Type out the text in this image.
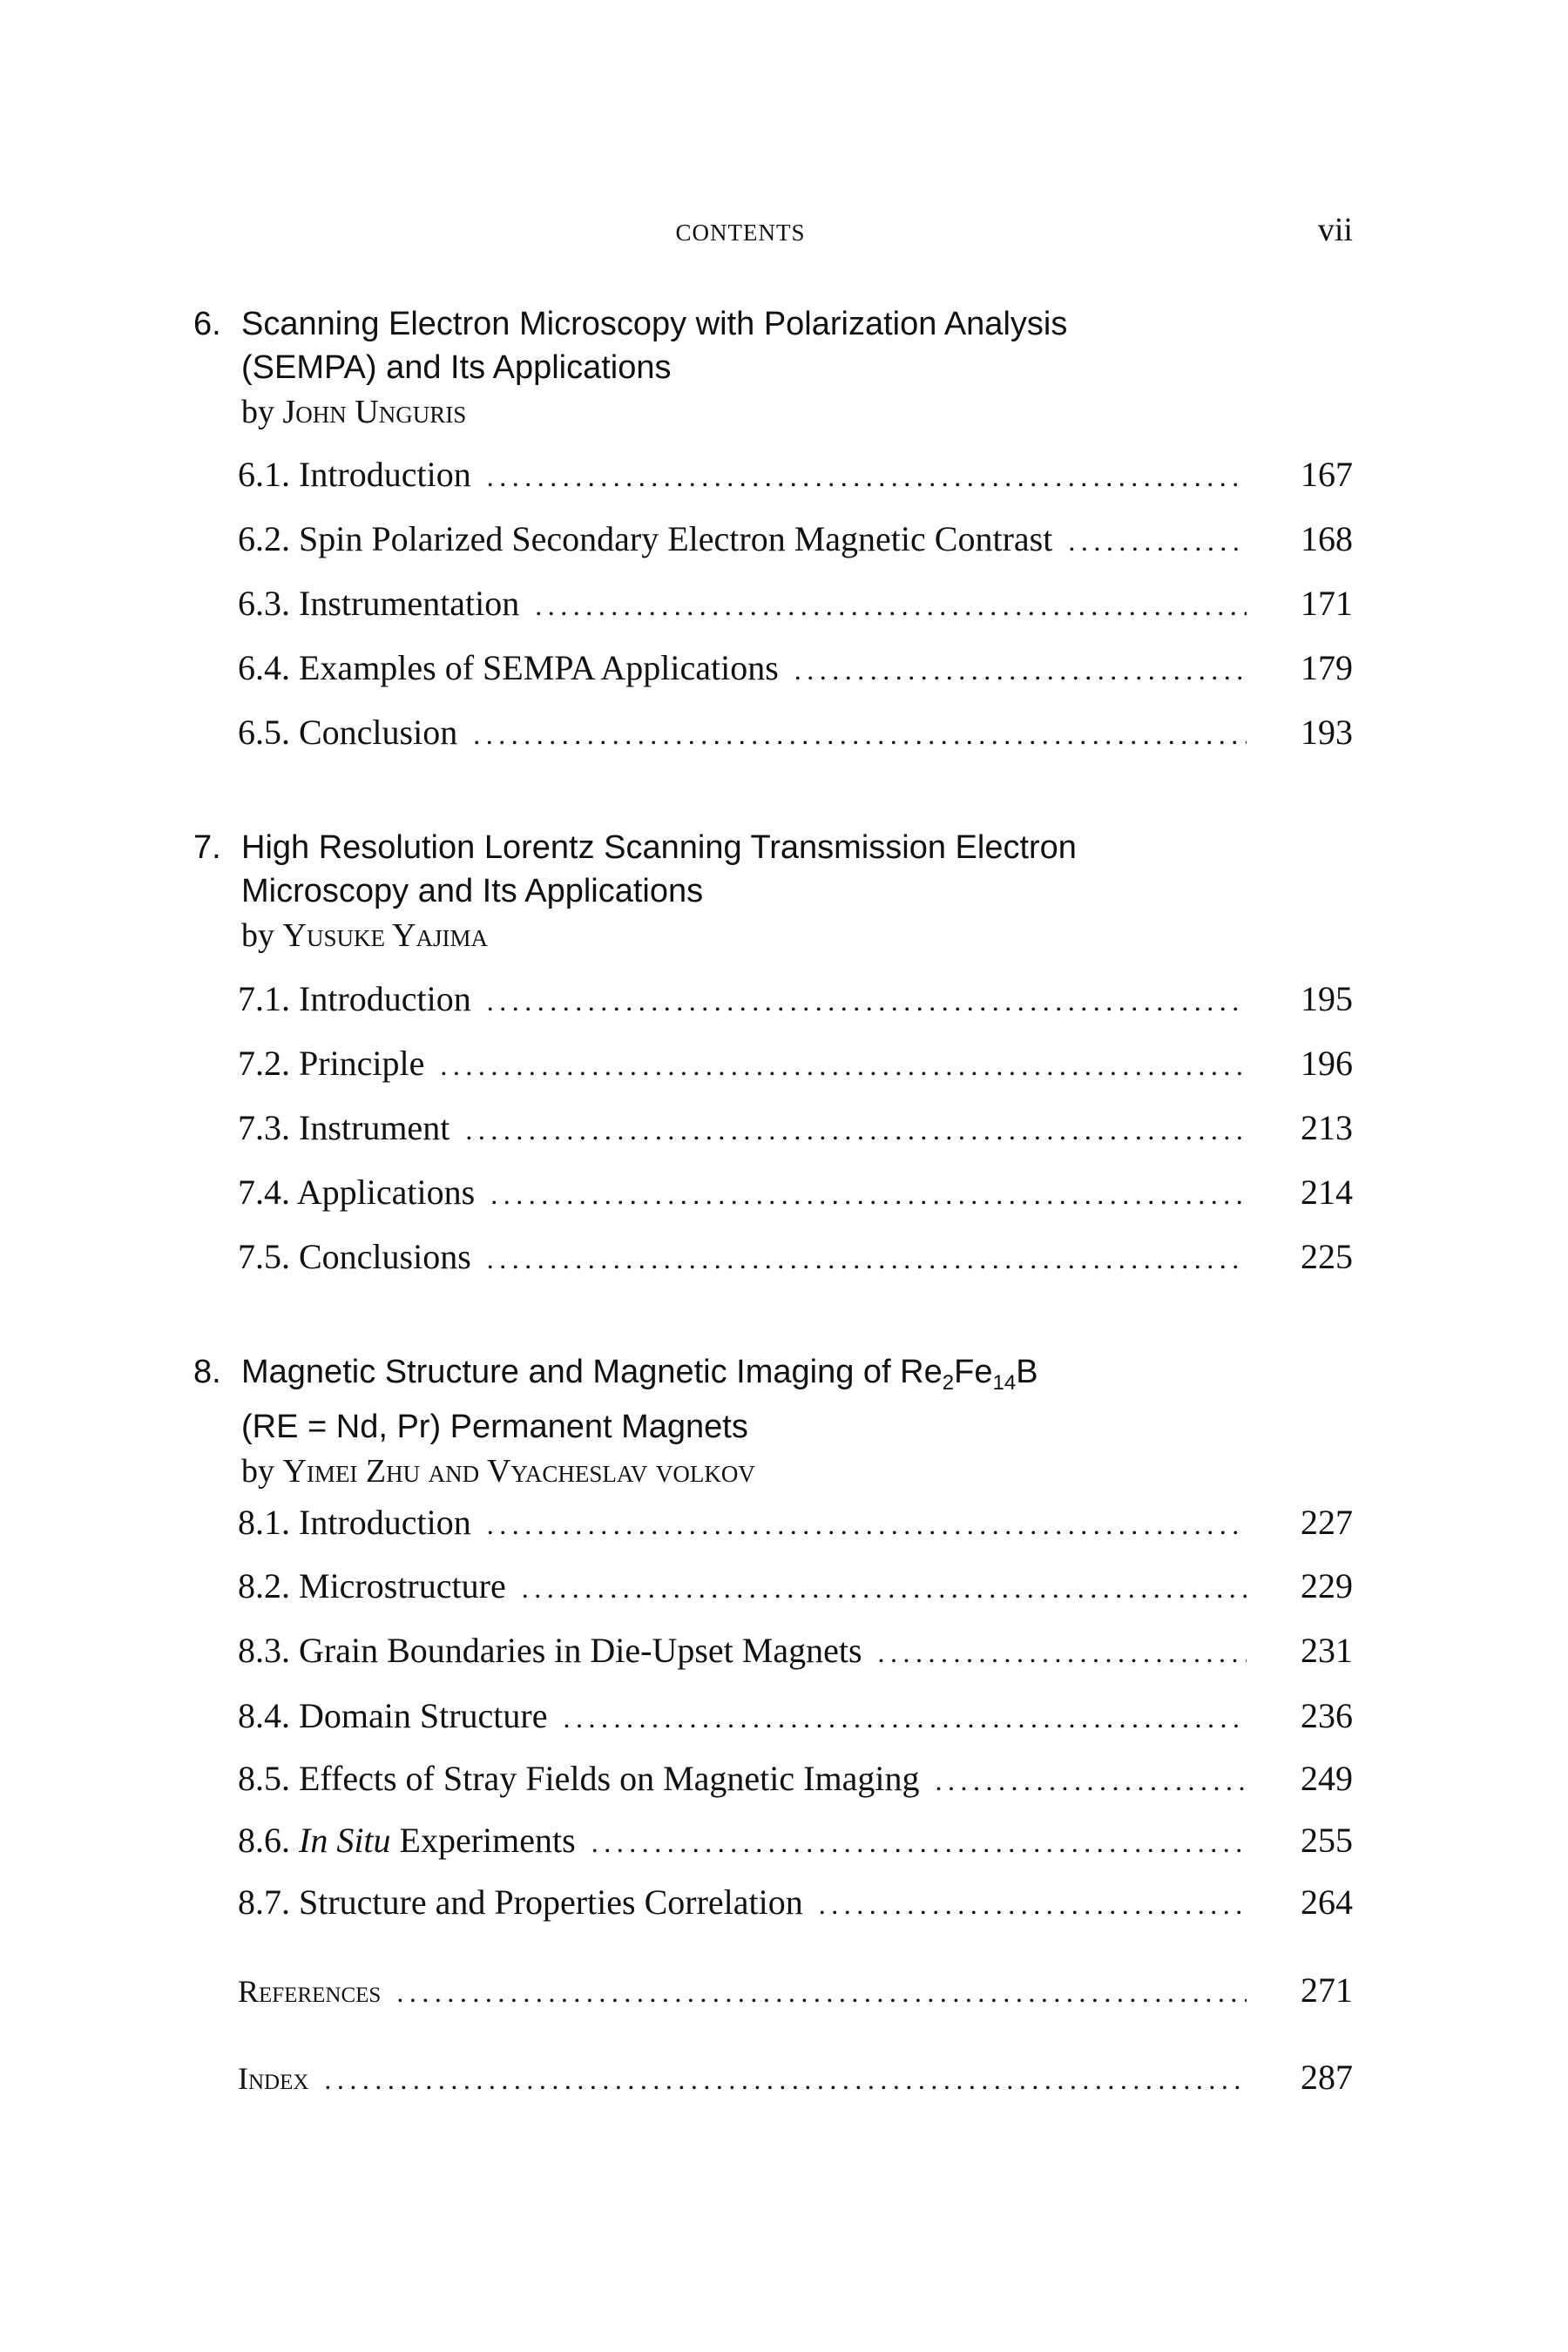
CONTENTS	vii
6. Scanning Electron Microscopy with Polarization Analysis
(SEMPA) and Its Applications
by John Unguris
6.1. Introduction .....	167
6.2. Spin Polarized Secondary Electron Magnetic Contrast .....	168
6.3. Instrumentation .....	171
6.4. Examples of SEMPA Applications .....	179
6.5. Conclusion .....	193
7. High Resolution Lorentz Scanning Transmission Electron
Microscopy and Its Applications
by Yusuke Yajima
7.1. Introduction .....	195
7.2. Principle .....	196
7.3. Instrument .....	213
7.4. Applications .....	214
7.5. Conclusions .....	225
8. Magnetic Structure and Magnetic Imaging of $Re_2Fe_{14}B$
(RE = Nd, Pr) Permanent Magnets
by Yimei Zhu and Vyacheslav volkov
8.1. Introduction .....	227
8.2. Microstructure .....	229
8.3. Grain Boundaries in Die-Upset Magnets .....	231
8.4. Domain Structure .....	236
8.5. Effects of Stray Fields on Magnetic Imaging .....	249
8.6. In Situ Experiments .....	255
8.7. Structure and Properties Correlation .....	264
References .....	271
Index .....	287
